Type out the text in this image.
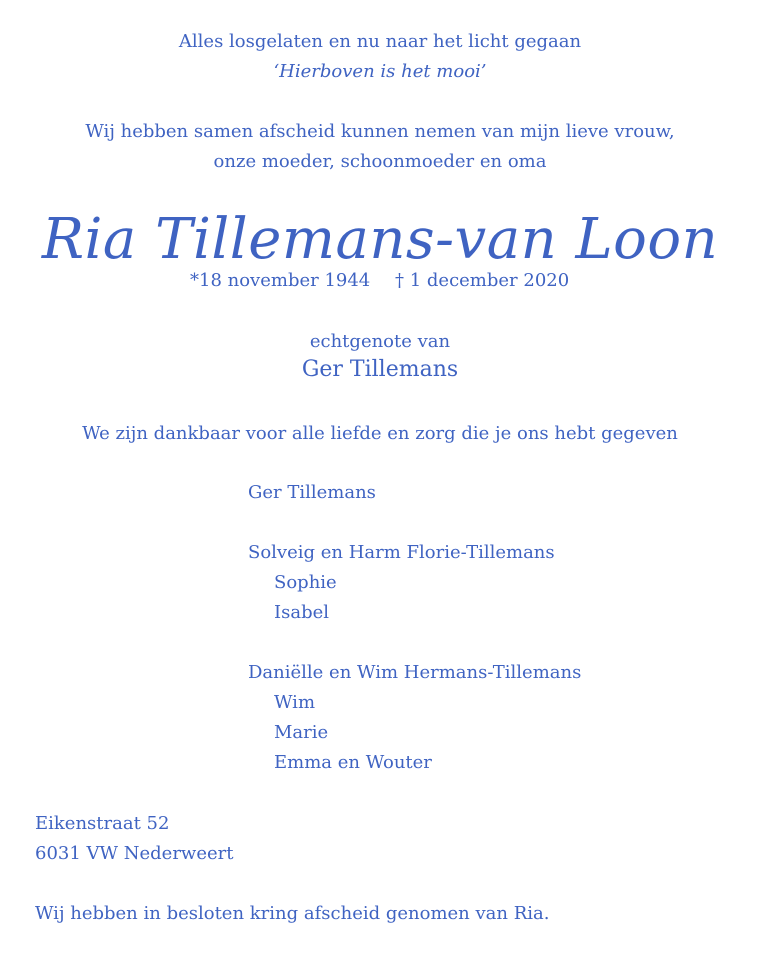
Alles losgelaten en nu naar het licht gegaan
‘Hierboven is het mooi’
Wij hebben samen afscheid kunnen nemen van mijn lieve vrouw,
onze moeder, schoonmoeder en oma
Ria Tillemans-van Loon
*18 november 1944 † 1 december 2020
echtgenote van
Ger Tillemans
We zijn dankbaar voor alle liefde en zorg die je ons hebt gegeven
Ger Tillemans
Solveig en Harm Florie-Tillemans
Sophie
Isabel
Daniëlle en Wim Hermans-Tillemans
Wim
Marie
Emma en Wouter
Eikenstraat 52
6031 VW Nederweert
Wij hebben in besloten kring afscheid genomen van Ria.
